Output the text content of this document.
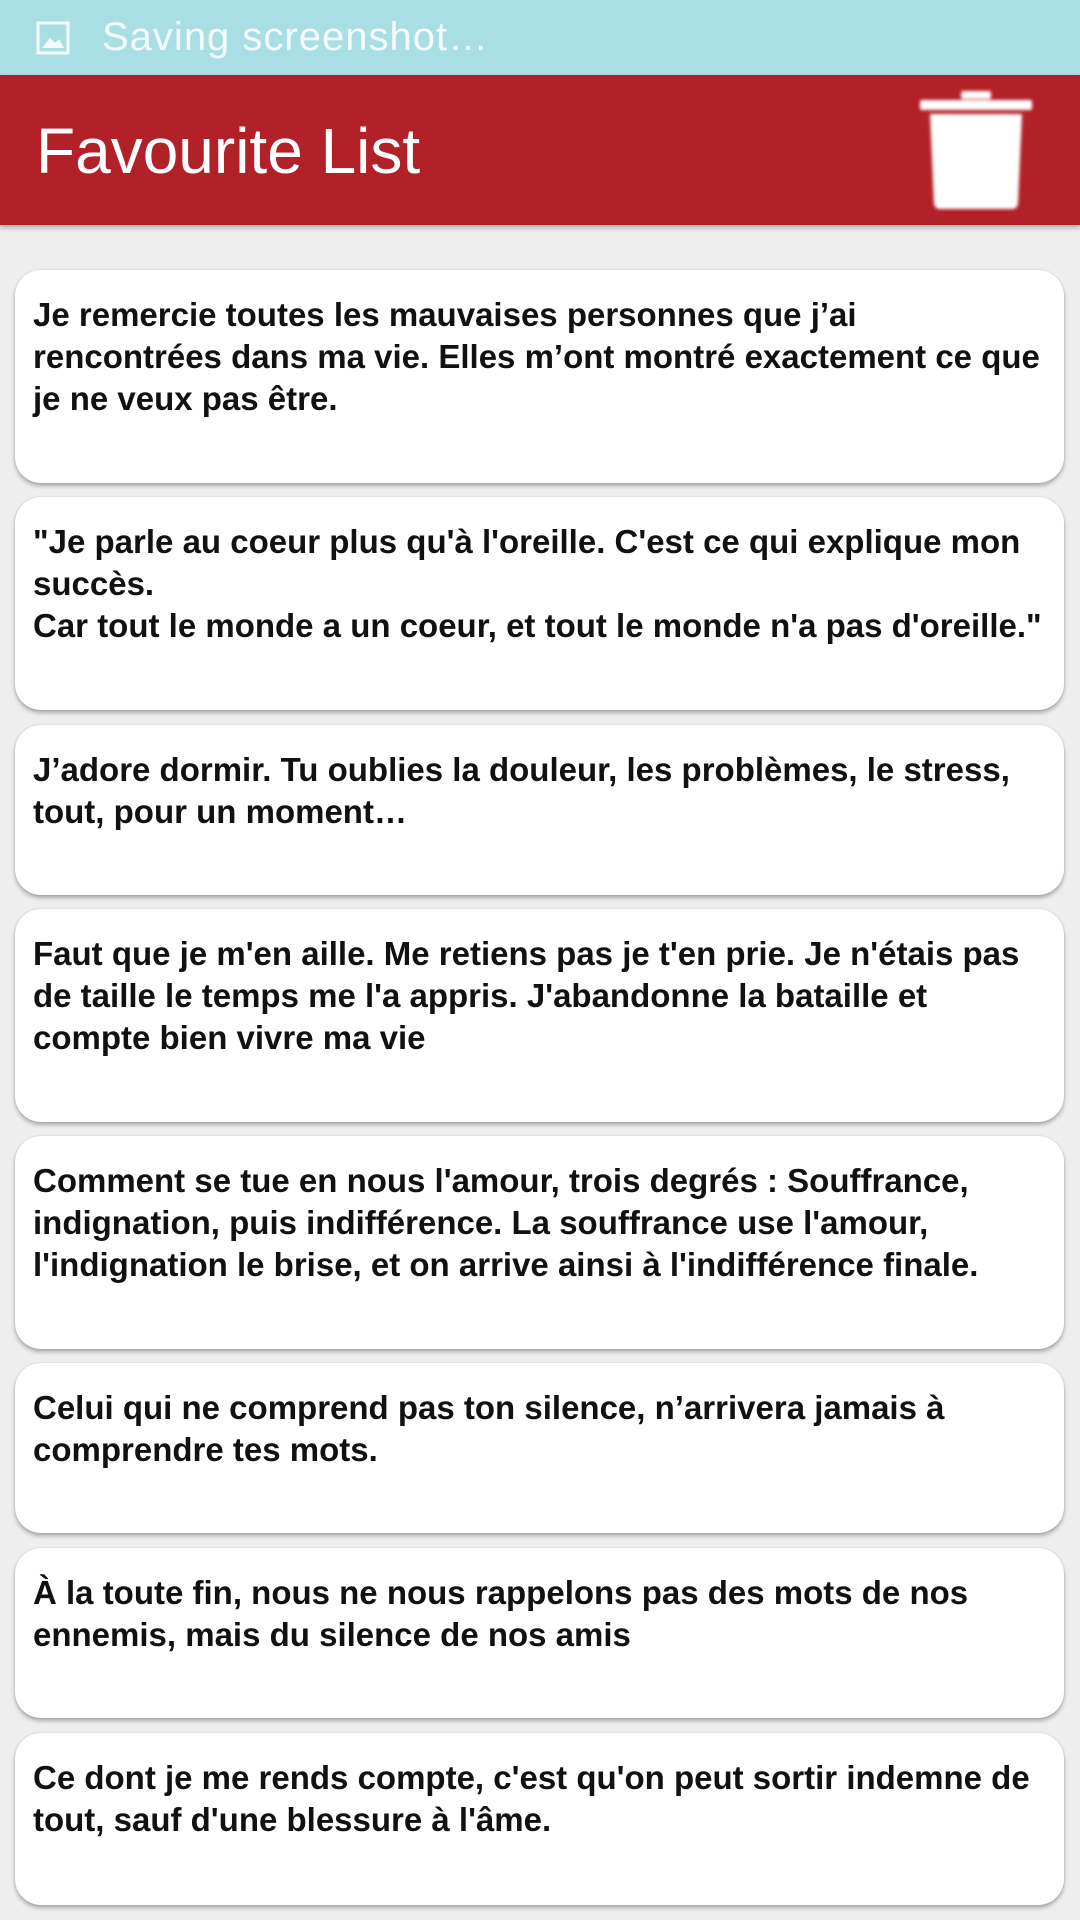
Saving screenshot…
Favourite List

Je remercie toutes les mauvaises personnes que j’ai rencontrées dans ma vie. Elles m’ont montré exactement ce que je ne veux pas être.

"Je parle au coeur plus qu'à l'oreille. C'est ce qui explique mon succès.
Car tout le monde a un coeur, et tout le monde n'a pas d'oreille."

J’adore dormir. Tu oublies la douleur, les problèmes, le stress, tout, pour un moment…

Faut que je m'en aille. Me retiens pas je t'en prie. Je n'étais pas de taille le temps me l'a appris. J'abandonne la bataille et compte bien vivre ma vie

Comment se tue en nous l'amour, trois degrés : Souffrance, indignation, puis indifférence. La souffrance use l'amour, l'indignation le brise, et on arrive ainsi à l'indifférence finale.

Celui qui ne comprend pas ton silence, n’arrivera jamais à comprendre tes mots.

À la toute fin, nous ne nous rappelons pas des mots de nos ennemis, mais du silence de nos amis

Ce dont je me rends compte, c'est qu'on peut sortir indemne de tout, sauf d'une blessure à l'âme.
